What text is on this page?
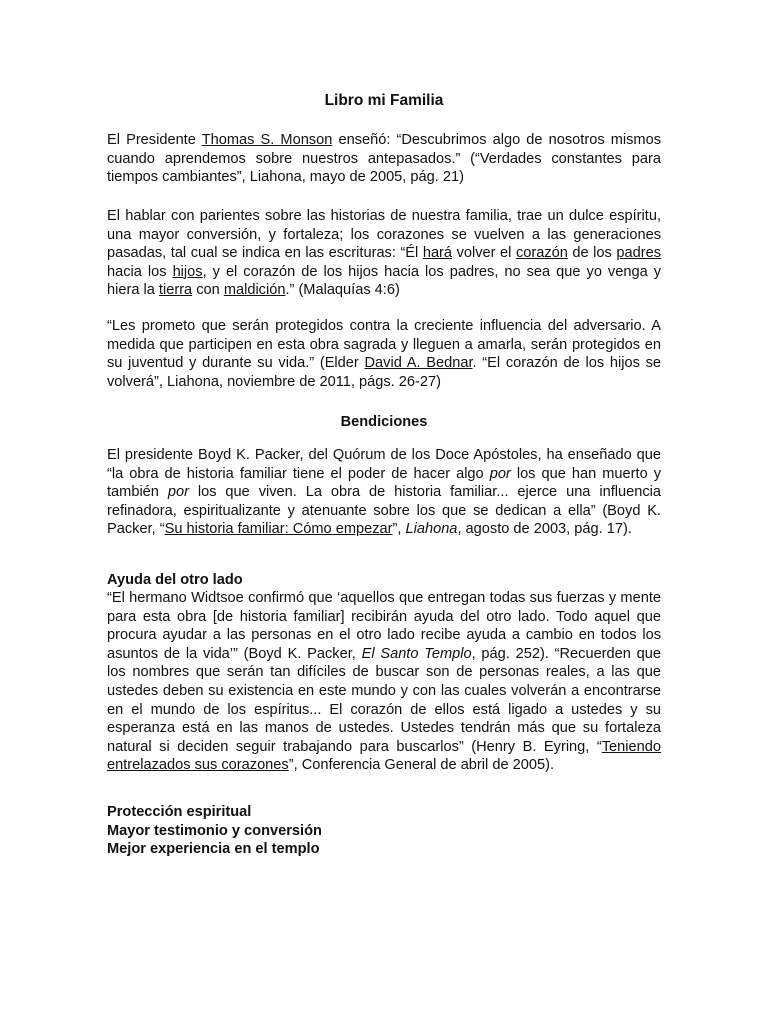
Libro mi Familia

El Presidente Thomas S. Monson enseñó: “Descubrimos algo de nosotros mismos cuando aprendemos sobre nuestros antepasados.” (“Verdades constantes para tiempos cambiantes”, Liahona, mayo de 2005, pág. 21)

El hablar con parientes sobre las historias de nuestra familia, trae un dulce espíritu, una mayor conversión, y fortaleza; los corazones se vuelven a las generaciones pasadas, tal cual se indica en las escrituras: “Él hará volver el corazón de los padres hacia los hijos, y el corazón de los hijos hacia los padres, no sea que yo venga y hiera la tierra con maldición.” (Malaquías 4:6)

“Les prometo que serán protegidos contra la creciente influencia del adversario. A medida que participen en esta obra sagrada y lleguen a amarla, serán protegidos en su juventud y durante su vida.” (Elder David A. Bednar. “El corazón de los hijos se volverá”, Liahona, noviembre de 2011, págs. 26-27)

Bendiciones

El presidente Boyd K. Packer, del Quórum de los Doce Apóstoles, ha enseñado que “la obra de historia familiar tiene el poder de hacer algo por los que han muerto y también por los que viven. La obra de historia familiar... ejerce una influencia refinadora, espiritualizante y atenuante sobre los que se dedican a ella” (Boyd K. Packer, “Su historia familiar: Cómo empezar”, Liahona, agosto de 2003, pág. 17).

Ayuda del otro lado

“El hermano Widtsoe confirmó que ‘aquellos que entregan todas sus fuerzas y mente para esta obra [de historia familiar] recibirán ayuda del otro lado. Todo aquel que procura ayudar a las personas en el otro lado recibe ayuda a cambio en todos los asuntos de la vida’” (Boyd K. Packer, El Santo Templo, pág. 252). “Recuerden que los nombres que serán tan difíciles de buscar son de personas reales, a las que ustedes deben su existencia en este mundo y con las cuales volverán a encontrarse en el mundo de los espíritus... El corazón de ellos está ligado a ustedes y su esperanza está en las manos de ustedes. Ustedes tendrán más que su fortaleza natural si deciden seguir trabajando para buscarlos” (Henry B. Eyring, “Teniendo entrelazados sus corazones”, Conferencia General de abril de 2005).

Protección espiritual
Mayor testimonio y conversión
Mejor experiencia en el templo
